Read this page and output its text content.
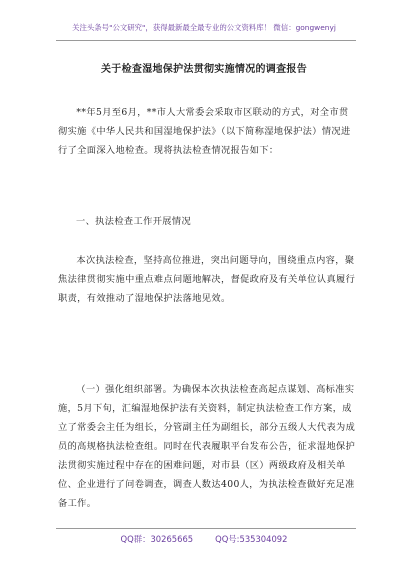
关注头条号"公文研究"，获得最新最全最专业的公文资料库！ 微信：gongwenyj
关于检查湿地保护法贯彻实施情况的调查报告

**年5月至6月，**市人大常委会采取市区联动的方式，对全市贯彻实施《中华人民共和国湿地保护法》（以下简称湿地保护法）情况进行了全面深入地检查。现将执法检查情况报告如下：

一、执法检查工作开展情况

本次执法检查，坚持高位推进，突出问题导向，围绕重点内容，聚焦法律贯彻实施中重点难点问题地解决，督促政府及有关单位认真履行职责，有效推动了湿地保护法落地见效。

（一）强化组织部署。为确保本次执法检查高起点谋划、高标准实施，5月下旬，汇编湿地保护法有关资料，制定执法检查工作方案，成立了常委会主任为组长，分管副主任为副组长，部分五级人大代表为成员的高规格执法检查组。同时在代表履职平台发布公告，征求湿地保护法贯彻实施过程中存在的困难问题，对市县（区）两级政府及相关单位、企业进行了问卷调查，调查人数达400人，为执法检查做好充足准备工作。

QQ群：30265665	QQ号:535304092
